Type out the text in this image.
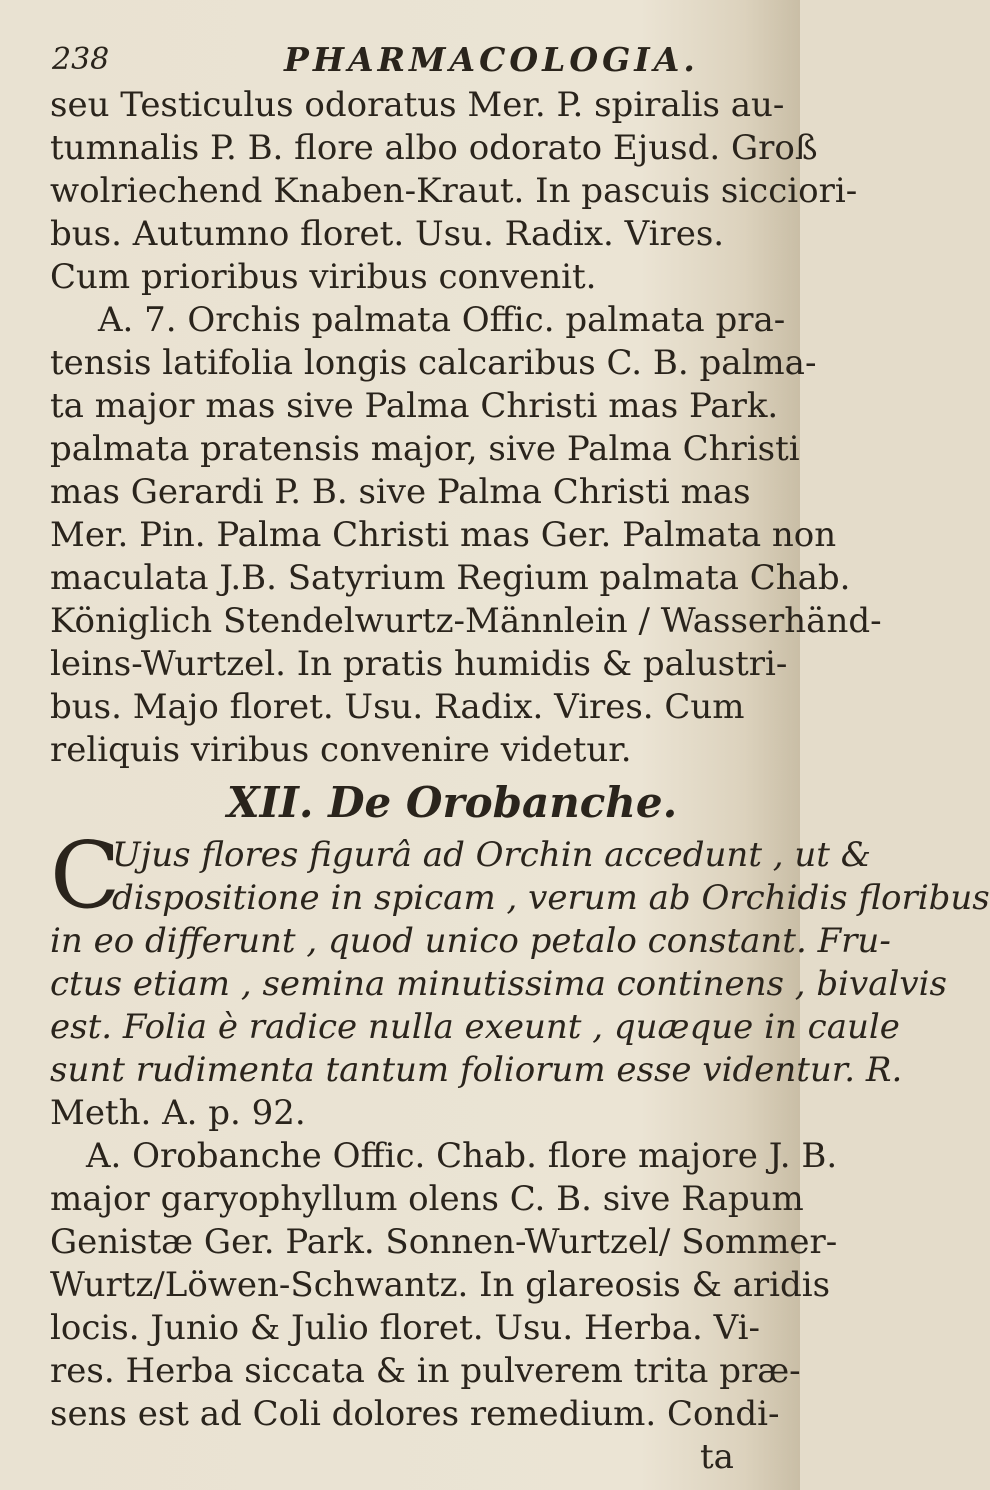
238	PHARMACOLOGIA.
seu Testiculus odoratus Mer. P. spiralis au-
tumnalis P. B. flore albo odorato Ejusd. Groß
wolriechend Knaben-Kraut. In pascuis sicciori-
bus. Autumno floret. Usu. Radix. Vires.
Cum prioribus viribus convenit.
A. 7. Orchis palmata Offic. palmata pra-
tensis latifolia longis calcaribus C. B. palma-
ta major mas sive Palma Christi mas Park.
palmata pratensis major, sive Palma Christi
mas Gerardi P. B. sive Palma Christi mas
Mer. Pin. Palma Christi mas Ger. Palmata non
maculata J.B. Satyrium Regium palmata Chab.
Königlich Stendelwurtz-Männlein / Wasserhänd-
leins-Wurtzel. In pratis humidis & palustri-
bus. Majo floret. Usu. Radix. Vires. Cum
reliquis viribus convenire videtur.
XII. De Orobanche.
C
Ujus flores figurâ ad Orchin accedunt , ut &
dispositione in spicam , verum ab Orchidis floribus
in eo differunt , quod unico petalo constant. Fru-
ctus etiam , semina minutissima continens , bivalvis
est. Folia è radice nulla exeunt , quæque in caule
sunt rudimenta tantum foliorum esse videntur. R.
Meth. A. p. 92.
A. Orobanche Offic. Chab. flore majore J. B.
major garyophyllum olens C. B. sive Rapum
Genistæ Ger. Park. Sonnen-Wurtzel/ Sommer-
Wurtz/Löwen-Schwantz. In glareosis & aridis
locis. Junio & Julio floret. Usu. Herba. Vi-
res. Herba siccata & in pulverem trita præ-
sens est ad Coli dolores remedium. Condi-
ta
